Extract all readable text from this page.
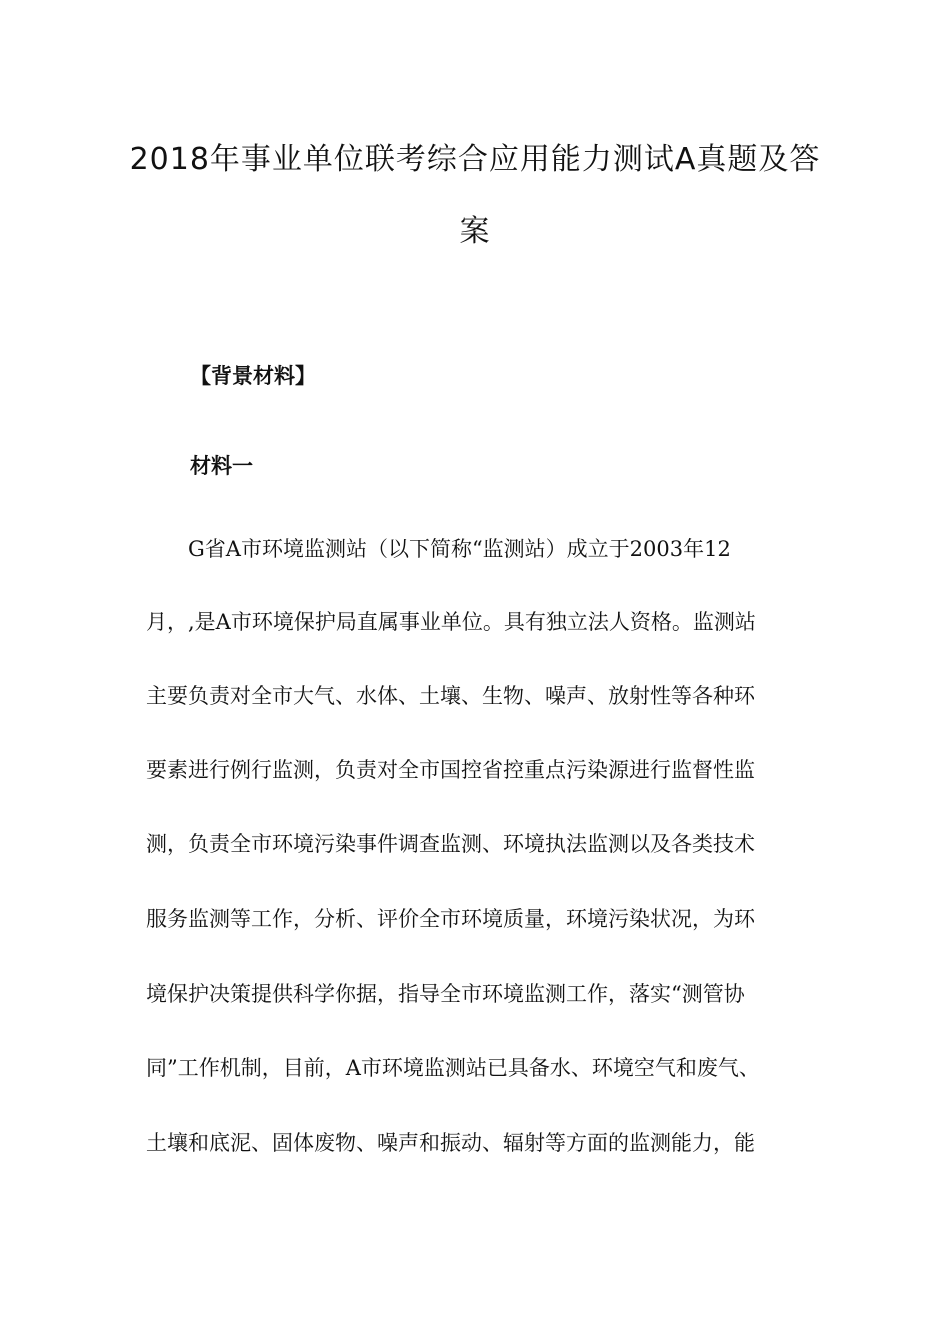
2018年事业单位联考综合应用能力测试A真题及答
案

【背景材料】

材料一

G省A市环境监测站（以下简称“监测站）成立于2003年12

月，,是A市环境保护局直属事业单位。具有独立法人资格。监测站

主要负责对全市大气、水体、土壤、生物、噪声、放射性等各种环

要素进行例行监测，负责对全市国控省控重点污染源进行监督性监

测，负责全市环境污染事件调查监测、环境执法监测以及各类技术

服务监测等工作，分析、评价全市环境质量，环境污染状况，为环

境保护决策提供科学你据，指导全市环境监测工作，落实“测管协

同”工作机制，目前，A市环境监测站已具备水、环境空气和废气、

土壤和底泥、固体废物、噪声和振动、辐射等方面的监测能力，能
